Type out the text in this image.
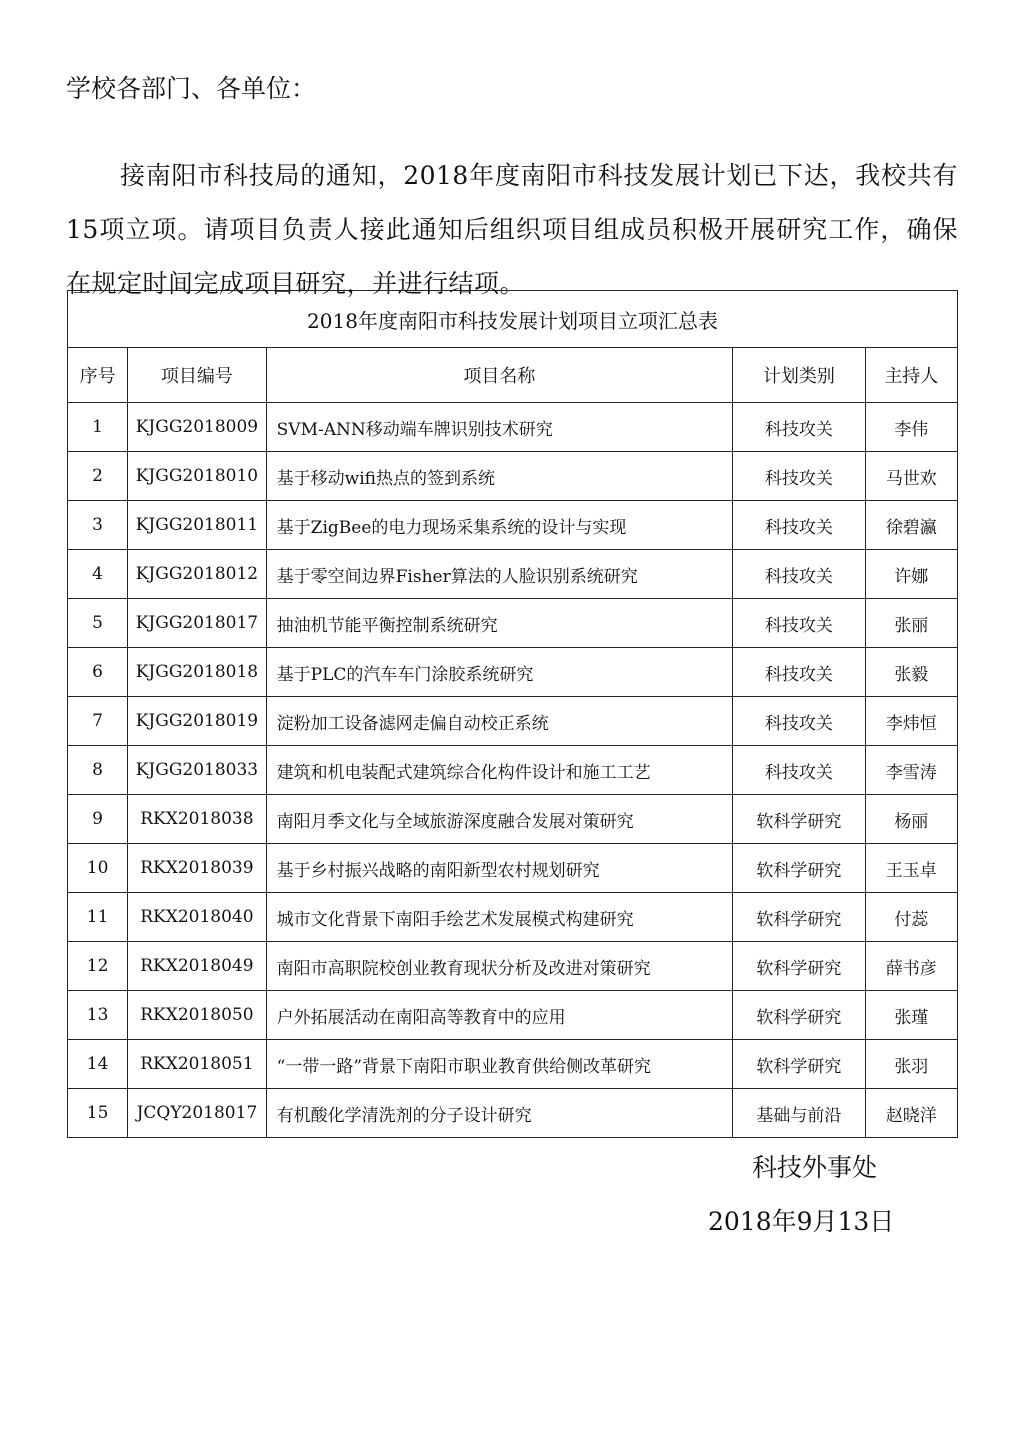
学校各部门、各单位：

接南阳市科技局的通知，2018年度南阳市科技发展计划已下达，我校共有15项立项。请项目负责人接此通知后组织项目组成员积极开展研究工作，确保在规定时间完成项目研究，并进行结项。

2018年度南阳市科技发展计划项目立项汇总表				
序号	项目编号	项目名称	计划类别	主持人
1	KJGG2018009	SVM-ANN移动端车牌识别技术研究	科技攻关	李伟
2	KJGG2018010	基于移动wifi热点的签到系统	科技攻关	马世欢
3	KJGG2018011	基于ZigBee的电力现场采集系统的设计与实现	科技攻关	徐碧瀛
4	KJGG2018012	基于零空间边界Fisher算法的人脸识别系统研究	科技攻关	许娜
5	KJGG2018017	抽油机节能平衡控制系统研究	科技攻关	张丽
6	KJGG2018018	基于PLC的汽车车门涂胶系统研究	科技攻关	张毅
7	KJGG2018019	淀粉加工设备滤网走偏自动校正系统	科技攻关	李炜恒
8	KJGG2018033	建筑和机电装配式建筑综合化构件设计和施工工艺	科技攻关	李雪涛
9	RKX2018038	南阳月季文化与全域旅游深度融合发展对策研究	软科学研究	杨丽
10	RKX2018039	基于乡村振兴战略的南阳新型农村规划研究	软科学研究	王玉卓
11	RKX2018040	城市文化背景下南阳手绘艺术发展模式构建研究	软科学研究	付蕊
12	RKX2018049	南阳市高职院校创业教育现状分析及改进对策研究	软科学研究	薛书彦
13	RKX2018050	户外拓展活动在南阳高等教育中的应用	软科学研究	张瑾
14	RKX2018051	“一带一路”背景下南阳市职业教育供给侧改革研究	软科学研究	张羽
15	JCQY2018017	有机酸化学清洗剂的分子设计研究	基础与前沿	赵晓洋
科技外事处
2018年9月13日
